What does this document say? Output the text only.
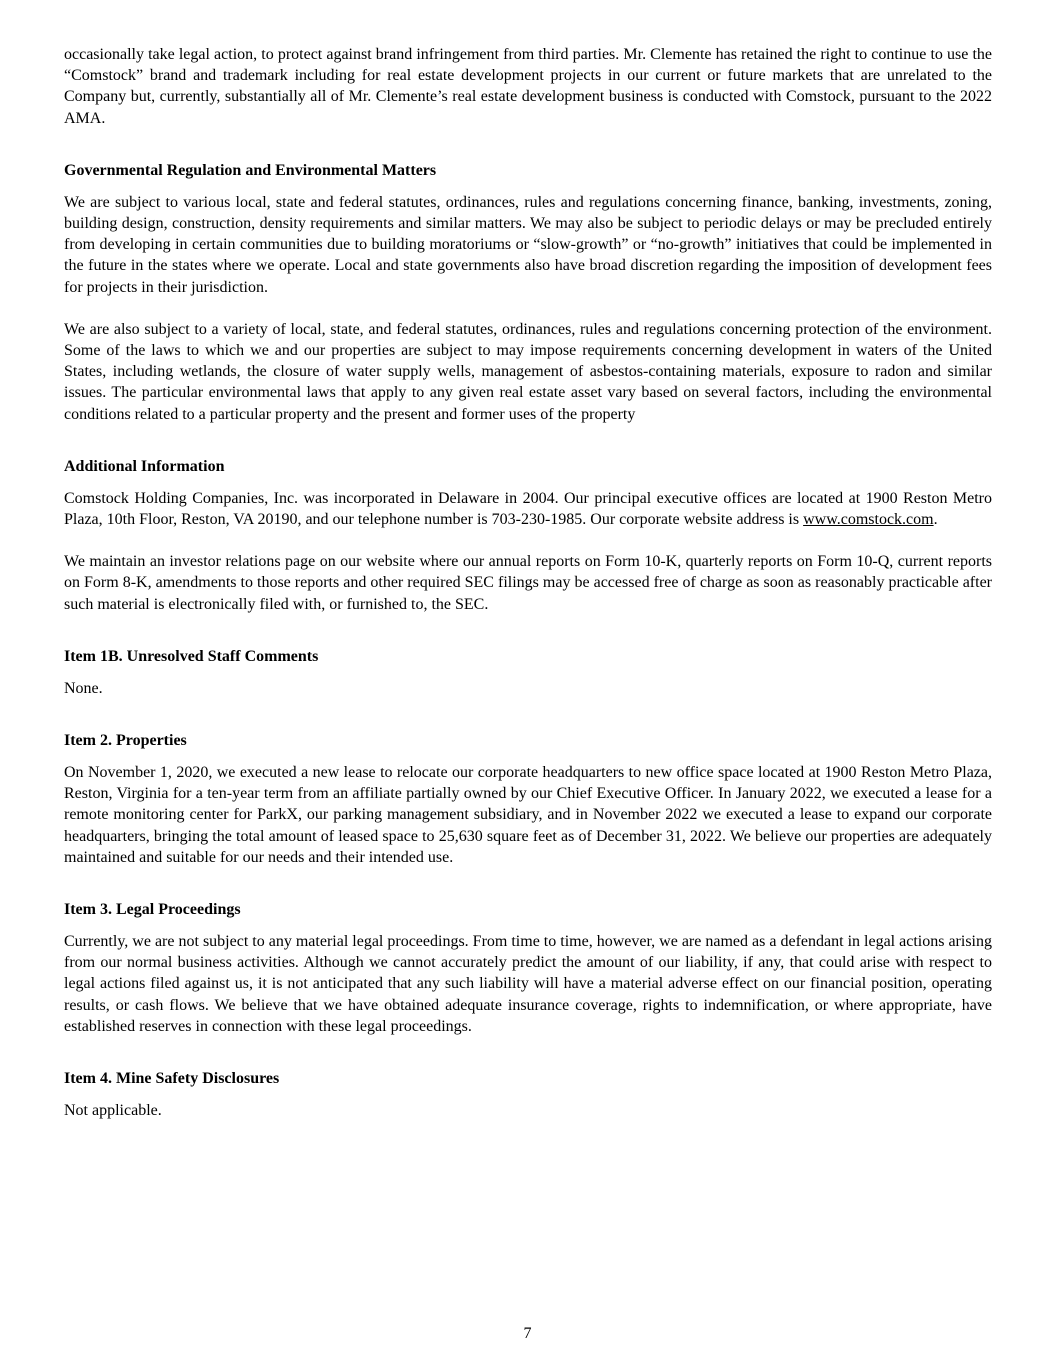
occasionally take legal action, to protect against brand infringement from third parties. Mr. Clemente has retained the right to continue to use the “Comstock” brand and trademark including for real estate development projects in our current or future markets that are unrelated to the Company but, currently, substantially all of Mr. Clemente’s real estate development business is conducted with Comstock, pursuant to the 2022 AMA.

Governmental Regulation and Environmental Matters

We are subject to various local, state and federal statutes, ordinances, rules and regulations concerning finance, banking, investments, zoning, building design, construction, density requirements and similar matters. We may also be subject to periodic delays or may be precluded entirely from developing in certain communities due to building moratoriums or “slow-growth” or “no-growth” initiatives that could be implemented in the future in the states where we operate. Local and state governments also have broad discretion regarding the imposition of development fees for projects in their jurisdiction.

We are also subject to a variety of local, state, and federal statutes, ordinances, rules and regulations concerning protection of the environment. Some of the laws to which we and our properties are subject to may impose requirements concerning development in waters of the United States, including wetlands, the closure of water supply wells, management of asbestos-containing materials, exposure to radon and similar issues. The particular environmental laws that apply to any given real estate asset vary based on several factors, including the environmental conditions related to a particular property and the present and former uses of the property

Additional Information

Comstock Holding Companies, Inc. was incorporated in Delaware in 2004. Our principal executive offices are located at 1900 Reston Metro Plaza, 10th Floor, Reston, VA 20190, and our telephone number is 703-230-1985. Our corporate website address is www.comstock.com.

We maintain an investor relations page on our website where our annual reports on Form 10-K, quarterly reports on Form 10-Q, current reports on Form 8-K, amendments to those reports and other required SEC filings may be accessed free of charge as soon as reasonably practicable after such material is electronically filed with, or furnished to, the SEC.

Item 1B. Unresolved Staff Comments

None.

Item 2. Properties

On November 1, 2020, we executed a new lease to relocate our corporate headquarters to new office space located at 1900 Reston Metro Plaza, Reston, Virginia for a ten-year term from an affiliate partially owned by our Chief Executive Officer. In January 2022, we executed a lease for a remote monitoring center for ParkX, our parking management subsidiary, and in November 2022 we executed a lease to expand our corporate headquarters, bringing the total amount of leased space to 25,630 square feet as of December 31, 2022. We believe our properties are adequately maintained and suitable for our needs and their intended use.

Item 3. Legal Proceedings

Currently, we are not subject to any material legal proceedings. From time to time, however, we are named as a defendant in legal actions arising from our normal business activities. Although we cannot accurately predict the amount of our liability, if any, that could arise with respect to legal actions filed against us, it is not anticipated that any such liability will have a material adverse effect on our financial position, operating results, or cash flows. We believe that we have obtained adequate insurance coverage, rights to indemnification, or where appropriate, have established reserves in connection with these legal proceedings.

Item 4. Mine Safety Disclosures

Not applicable.

7
